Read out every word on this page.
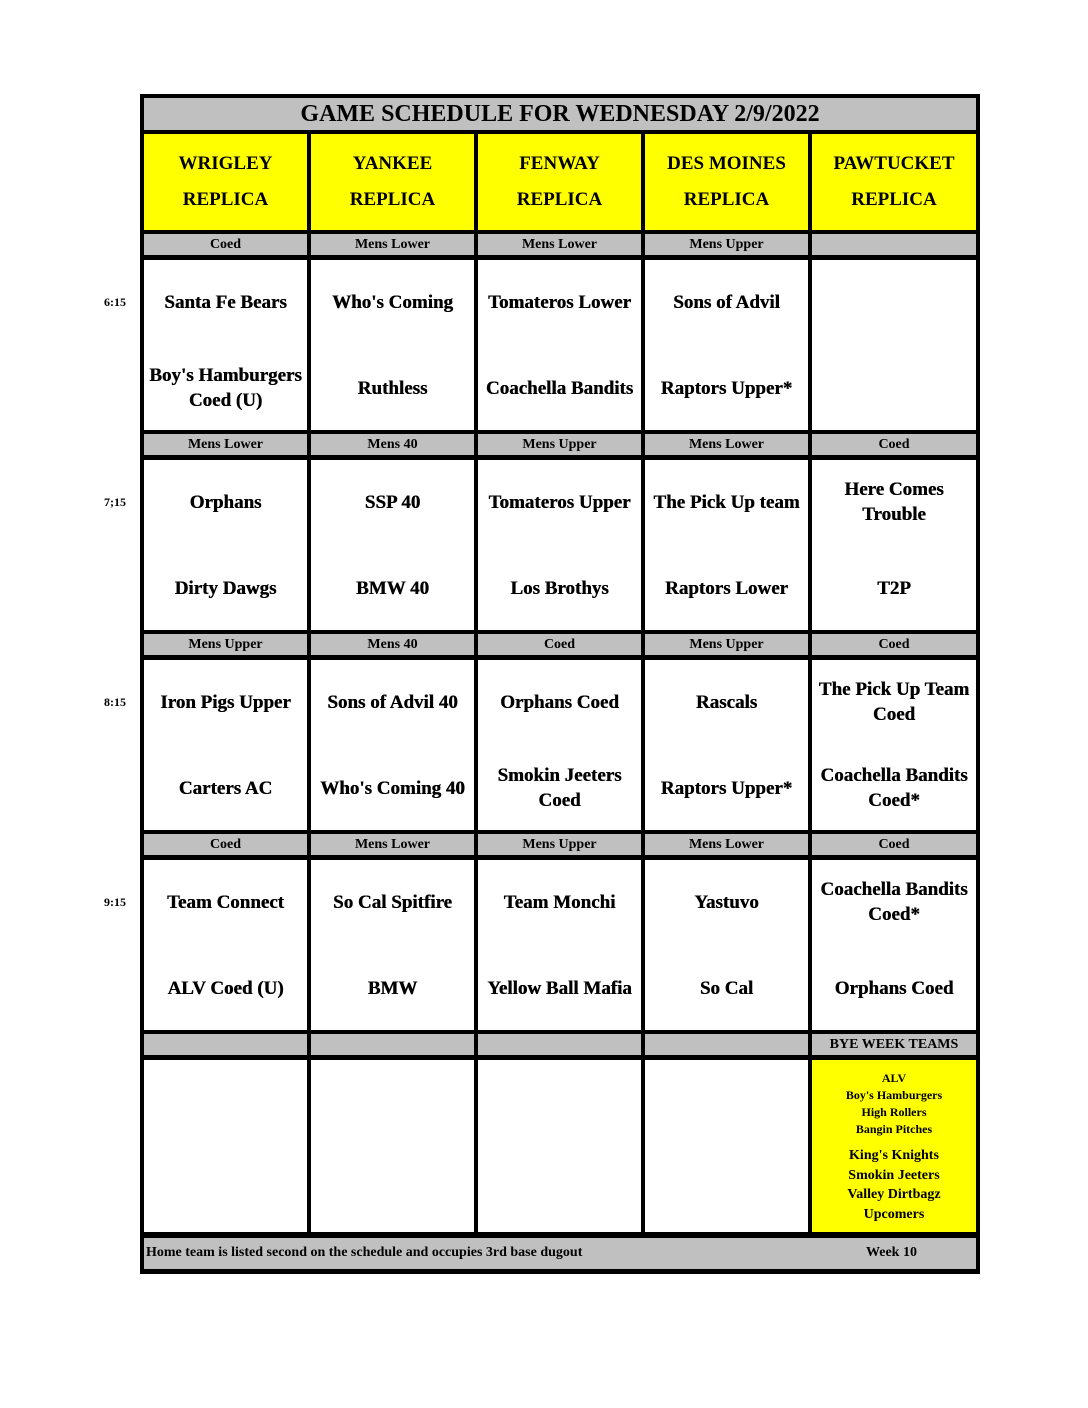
GAME SCHEDULE FOR WEDNESDAY 2/9/2022
WRIGLEY
REPLICA
YANKEE
REPLICA
FENWAY
REPLICA
DES MOINES
REPLICA
PAWTUCKET
REPLICA
Coed
Santa Fe Bears
Boy's Hamburgers Coed (U)
Mens Lower
Who's Coming
Ruthless
Mens Lower
Tomateros Lower
Coachella Bandits
Mens Upper
Sons of Advil
Raptors Upper*
Mens Lower
Orphans
Dirty Dawgs
Mens 40
SSP 40
BMW 40
Mens Upper
Tomateros Upper
Los Brothys
Mens Lower
The Pick Up team
Raptors Lower
Coed
Here Comes Trouble
T2P
Mens Upper
Iron Pigs Upper
Carters AC
Mens 40
Sons of Advil 40
Who's Coming 40
Coed
Orphans Coed
Smokin Jeeters Coed
Mens Upper
Rascals
Raptors Upper*
Coed
The Pick Up Team Coed
Coachella Bandits Coed*
Coed
Team Connect
ALV Coed (U)
Mens Lower
So Cal Spitfire
BMW
Mens Upper
Team Monchi
Yellow Ball Mafia
Mens Lower
Yastuvo
So Cal
Coed
Coachella Bandits Coed*
Orphans Coed
BYE WEEK TEAMS
ALV
Boy's Hamburgers
High Rollers
Bangin Pitches
King's Knights
Smokin Jeeters
Valley Dirtbagz
Upcomers
Home team is listed second on the schedule and occupies 3rd base dugout	Week 10
6:15
7;15
8:15
9:15
